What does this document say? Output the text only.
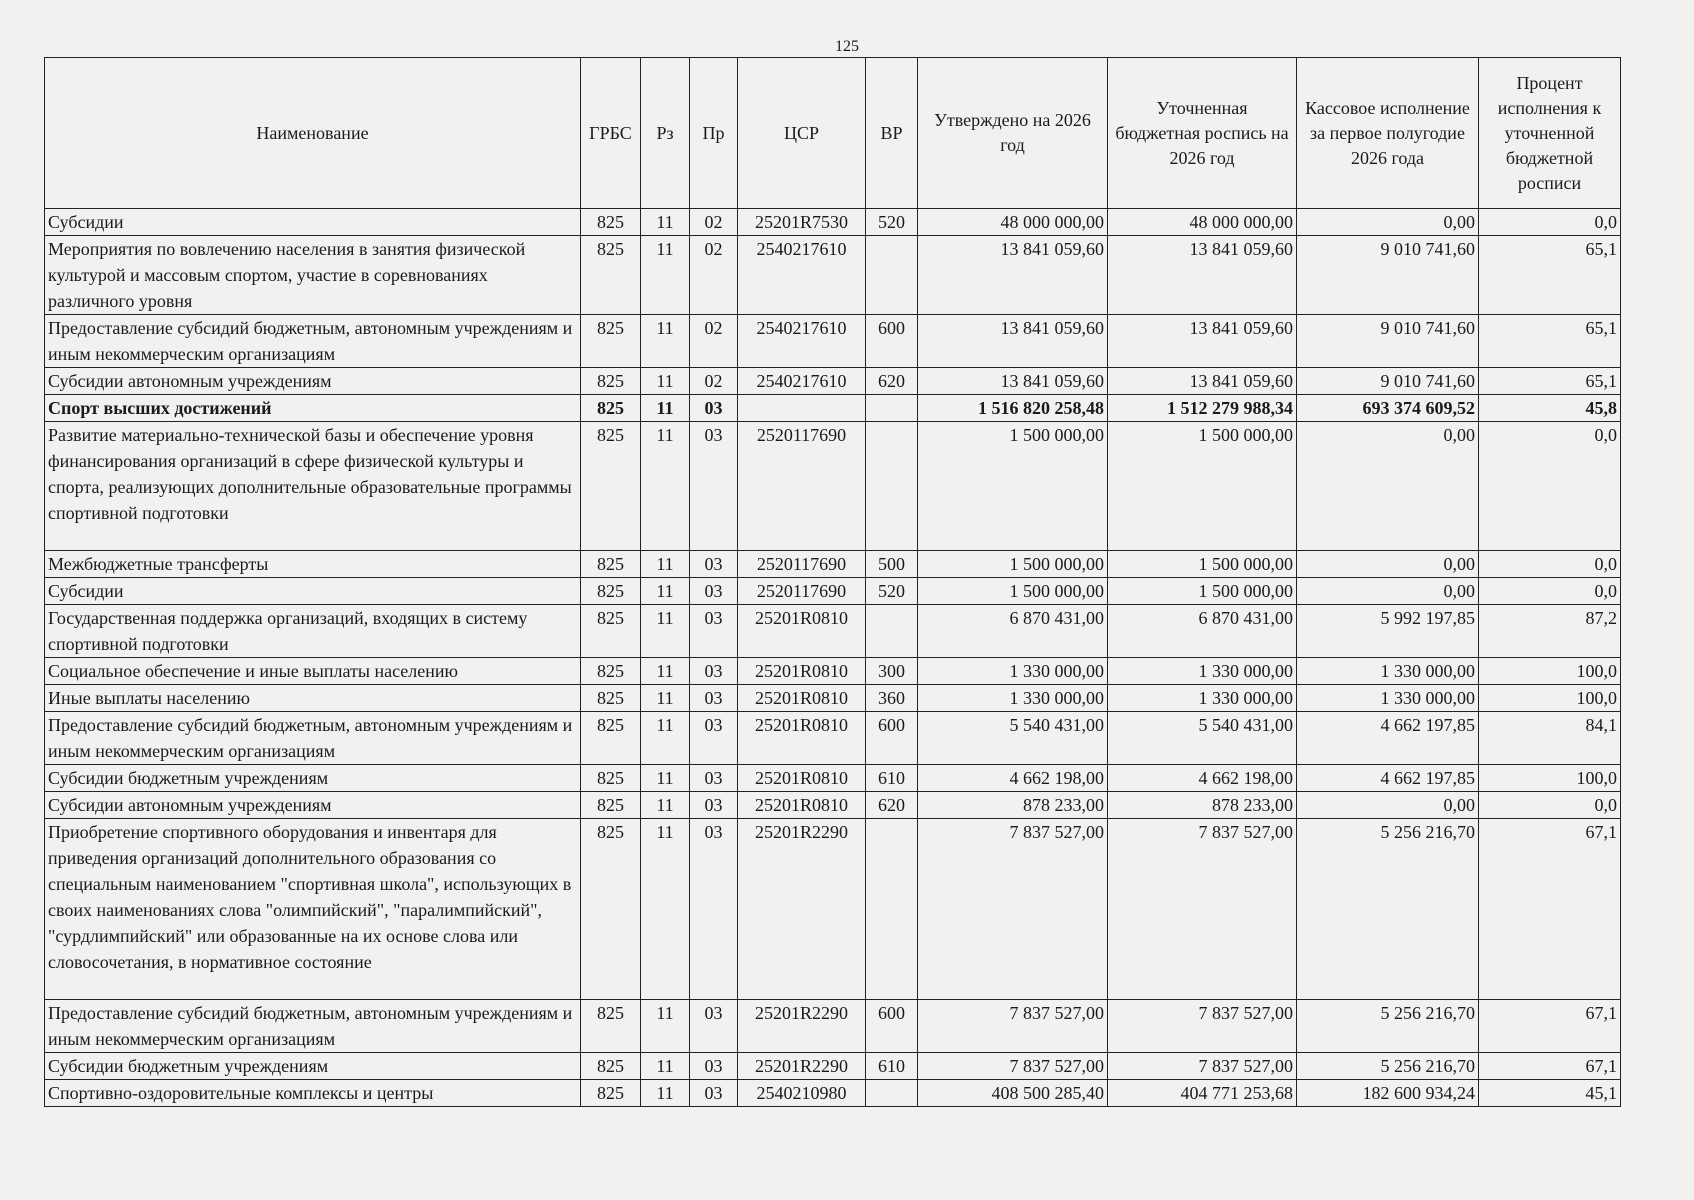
125
Наименование	ГРБС	Рз	Пр	ЦСР	ВР	Утверждено на 2026 год	Уточненная бюджетная роспись на 2026 год	Кассовое исполнение за первое полугодие 2026 года	Процент исполнения к уточненной бюджетной росписи
Субсидии	825	11	02	25201R7530	520	48 000 000,00	48 000 000,00	0,00	0,0
Мероприятия по вовлечению населения в занятия физической культурой и массовым спортом, участие в соревнованиях различного уровня	825	11	02	2540217610		13 841 059,60	13 841 059,60	9 010 741,60	65,1
Предоставление субсидий бюджетным, автономным учреждениям и иным некоммерческим организациям	825	11	02	2540217610	600	13 841 059,60	13 841 059,60	9 010 741,60	65,1
Субсидии автономным учреждениям	825	11	02	2540217610	620	13 841 059,60	13 841 059,60	9 010 741,60	65,1
Спорт высших достижений	825	11	03			1 516 820 258,48	1 512 279 988,34	693 374 609,52	45,8
Развитие материально-технической базы и обеспечение уровня финансирования организаций в сфере физической культуры и спорта, реализующих дополнительные образовательные программы спортивной подготовки	825	11	03	2520117690		1 500 000,00	1 500 000,00	0,00	0,0
Межбюджетные трансферты	825	11	03	2520117690	500	1 500 000,00	1 500 000,00	0,00	0,0
Субсидии	825	11	03	2520117690	520	1 500 000,00	1 500 000,00	0,00	0,0
Государственная поддержка организаций, входящих в систему спортивной подготовки	825	11	03	25201R0810		6 870 431,00	6 870 431,00	5 992 197,85	87,2
Социальное обеспечение и иные выплаты населению	825	11	03	25201R0810	300	1 330 000,00	1 330 000,00	1 330 000,00	100,0
Иные выплаты населению	825	11	03	25201R0810	360	1 330 000,00	1 330 000,00	1 330 000,00	100,0
Предоставление субсидий бюджетным, автономным учреждениям и иным некоммерческим организациям	825	11	03	25201R0810	600	5 540 431,00	5 540 431,00	4 662 197,85	84,1
Субсидии бюджетным учреждениям	825	11	03	25201R0810	610	4 662 198,00	4 662 198,00	4 662 197,85	100,0
Субсидии автономным учреждениям	825	11	03	25201R0810	620	878 233,00	878 233,00	0,00	0,0
Приобретение спортивного оборудования и инвентаря для приведения организаций дополнительного образования со специальным наименованием "спортивная школа", использующих в своих наименованиях слова "олимпийский", "паралимпийский", "сурдлимпийский" или образованные на их основе слова или словосочетания, в нормативное состояние	825	11	03	25201R2290		7 837 527,00	7 837 527,00	5 256 216,70	67,1
Предоставление субсидий бюджетным, автономным учреждениям и иным некоммерческим организациям	825	11	03	25201R2290	600	7 837 527,00	7 837 527,00	5 256 216,70	67,1
Субсидии бюджетным учреждениям	825	11	03	25201R2290	610	7 837 527,00	7 837 527,00	5 256 216,70	67,1
Спортивно-оздоровительные комплексы и центры	825	11	03	2540210980		408 500 285,40	404 771 253,68	182 600 934,24	45,1
